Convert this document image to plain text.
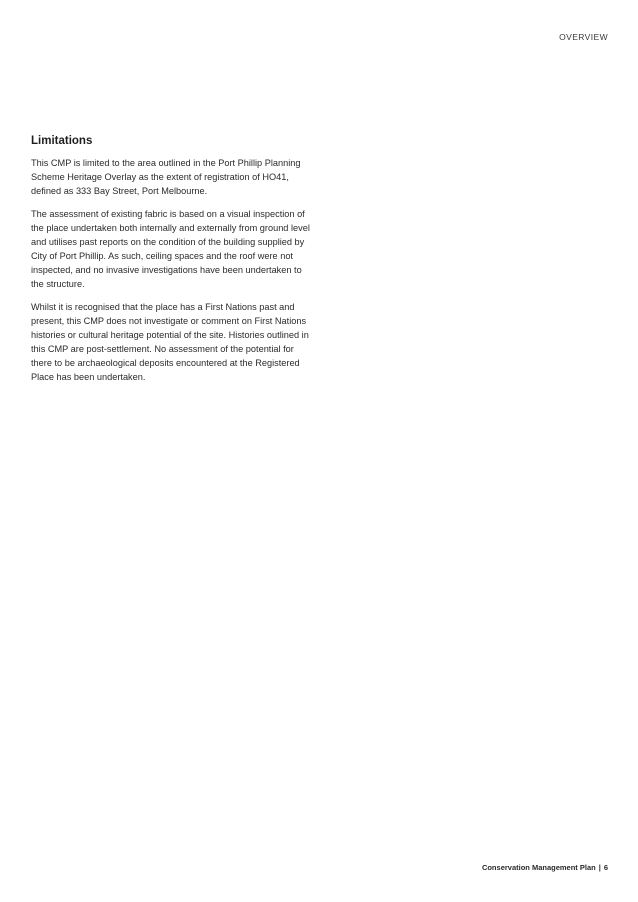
OVERVIEW
Limitations

This CMP is limited to the area outlined in the Port Phillip Planning Scheme Heritage Overlay as the extent of registration of HO41, defined as 333 Bay Street, Port Melbourne.

The assessment of existing fabric is based on a visual inspection of the place undertaken both internally and externally from ground level and utilises past reports on the condition of the building supplied by City of Port Phillip. As such, ceiling spaces and the roof were not inspected, and no invasive investigations have been undertaken to the structure.

Whilst it is recognised that the place has a First Nations past and present, this CMP does not investigate or comment on First Nations histories or cultural heritage potential of the site. Histories outlined in this CMP are post-settlement. No assessment of the potential for there to be archaeological deposits encountered at the Registered Place has been undertaken.

Conservation Management Plan | 6
